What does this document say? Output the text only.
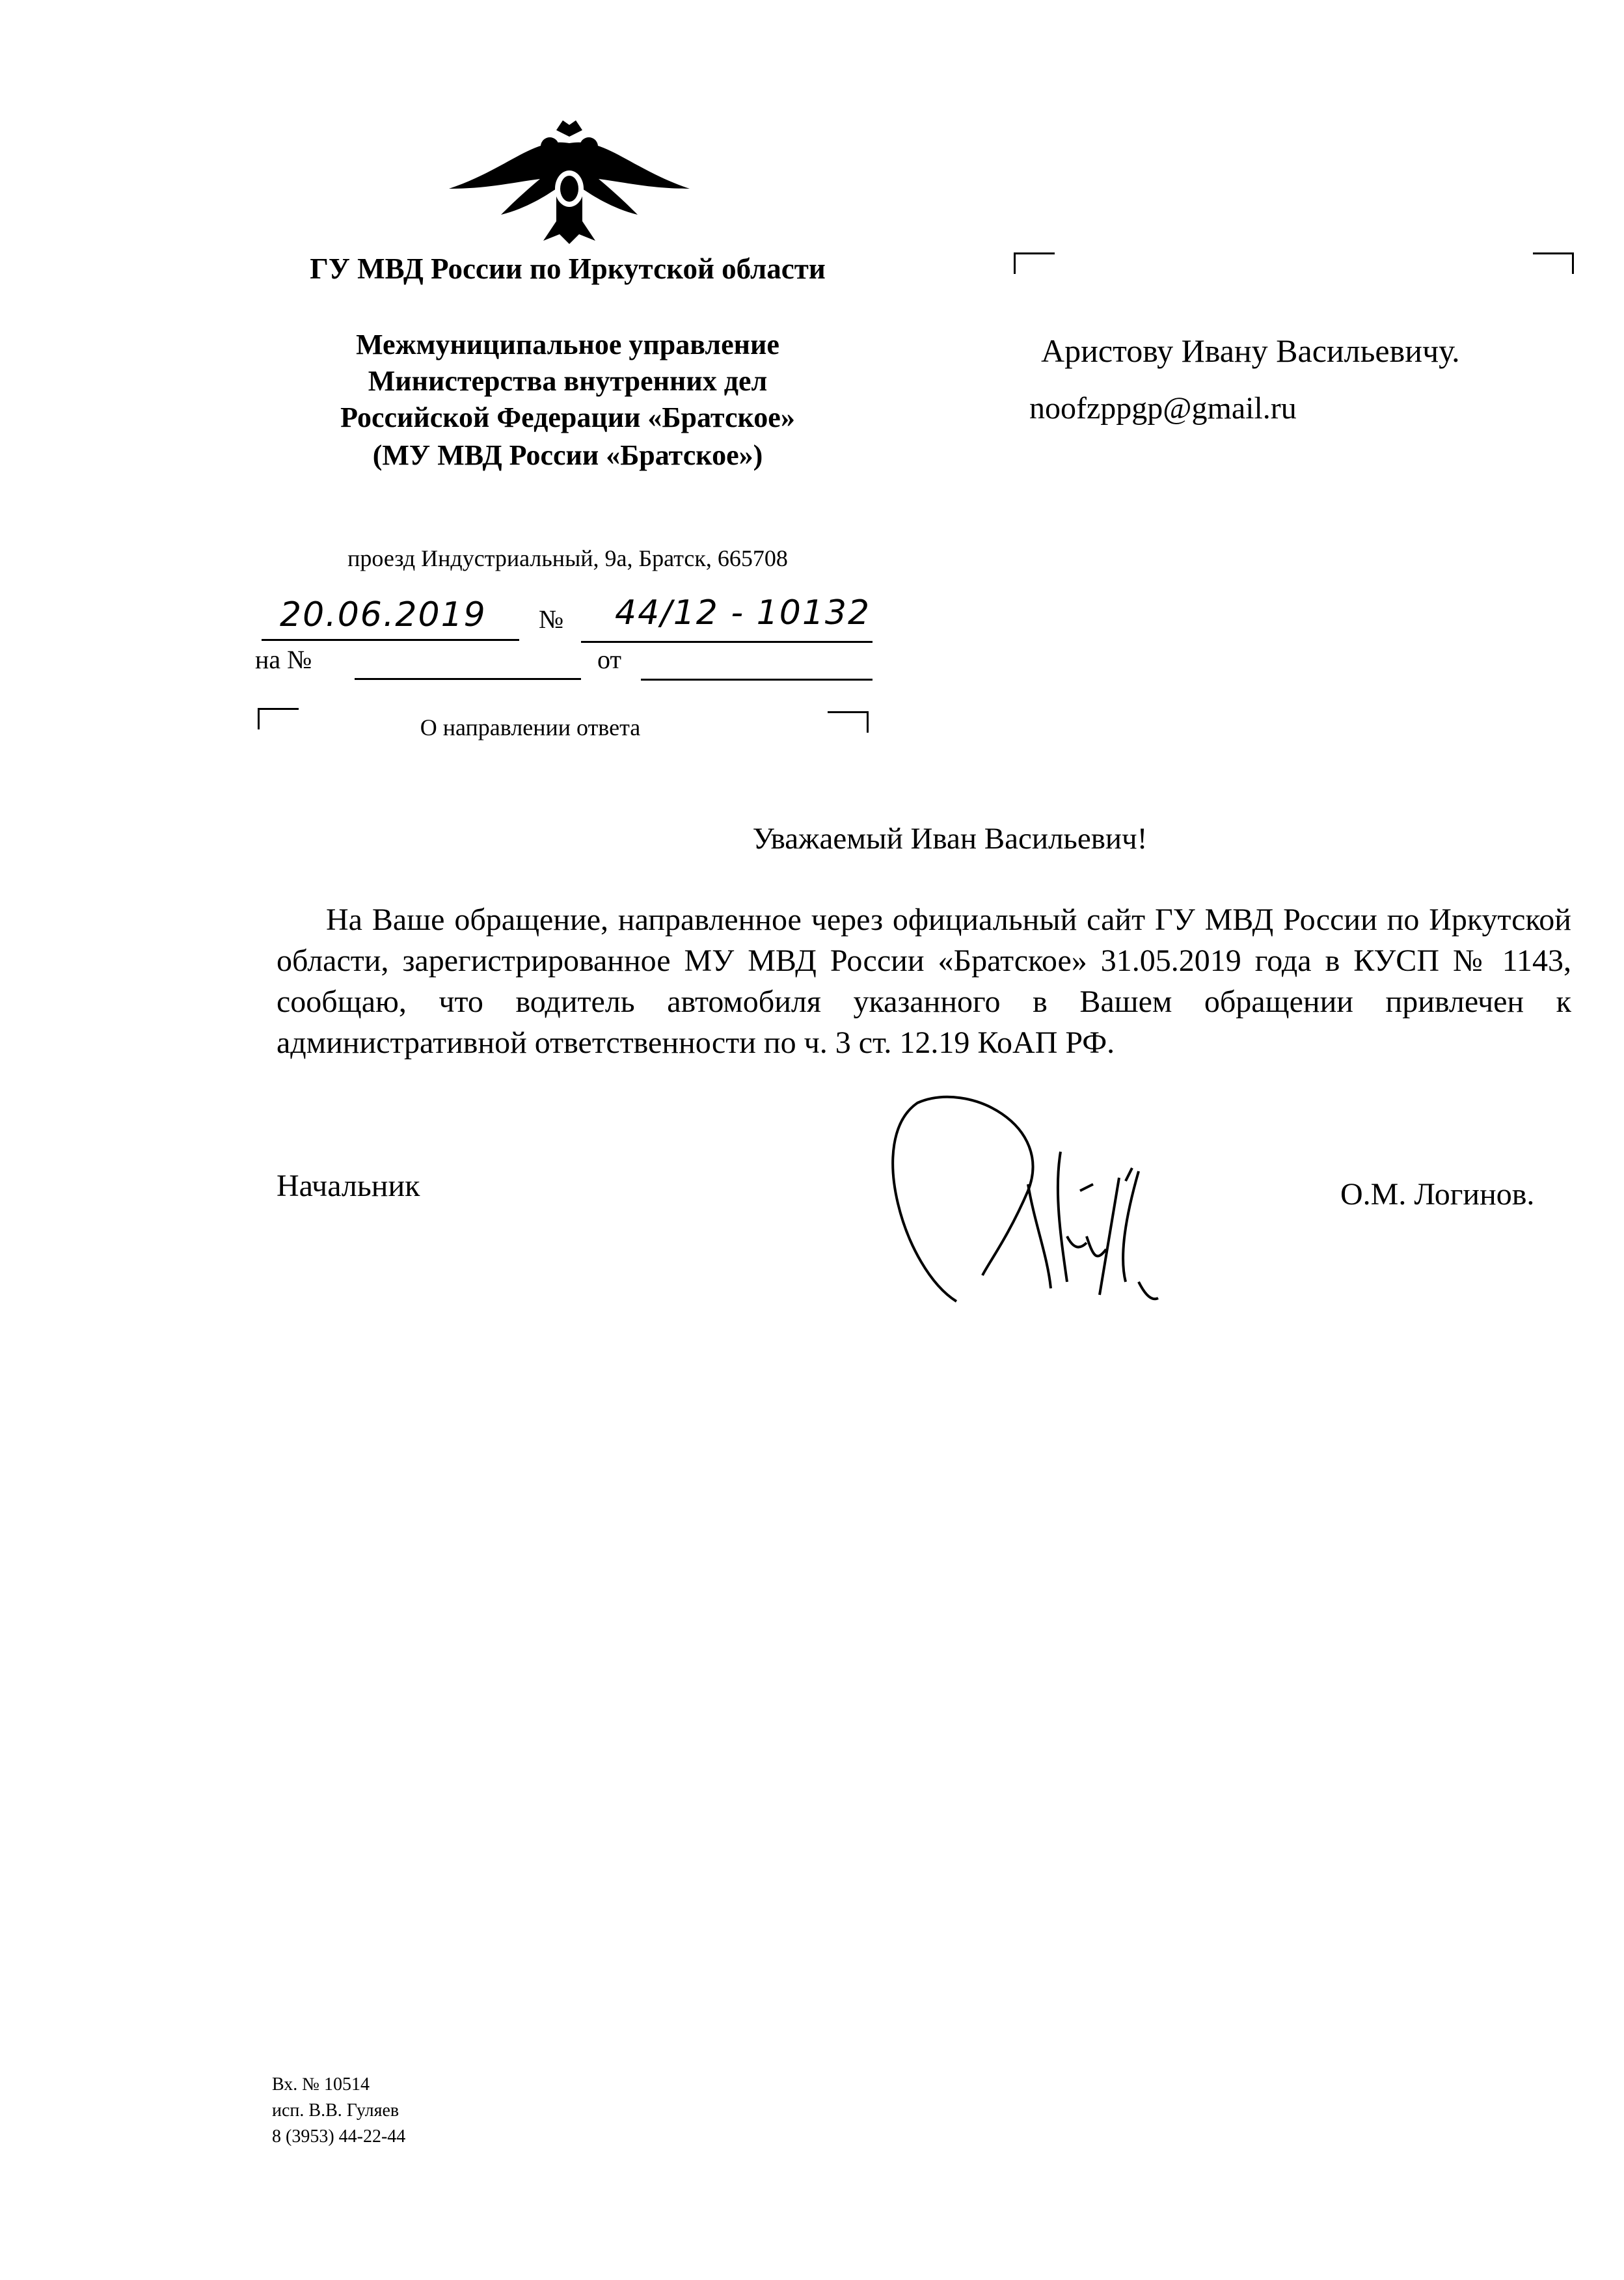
ГУ МВД России по Иркутской области
Межмуниципальное управление
Министерства внутренних дел
Российской Федерации «Братское»
(МУ МВД России «Братское»)
проезд Индустриальный, 9а, Братск, 665708
20.06.2019 № 44/12 - 10132
на №	от
О направлении ответа
Аристову Ивану Васильевичу.
noofzppgp@gmail.ru
Уважаемый Иван Васильевич!
На Ваше обращение, направленное через официальный сайт ГУ МВД России по Иркутской области, зарегистрированное МУ МВД России «Братское» 31.05.2019 года в КУСП № 1143, сообщаю, что водитель автомобиля указанного в Вашем обращении привлечен к административной ответственности по ч. 3 ст. 12.19 КоАП РФ.
Начальник	О.М. Логинов.
Вх. № 10514
исп. В.В. Гуляев
8 (3953) 44-22-44
